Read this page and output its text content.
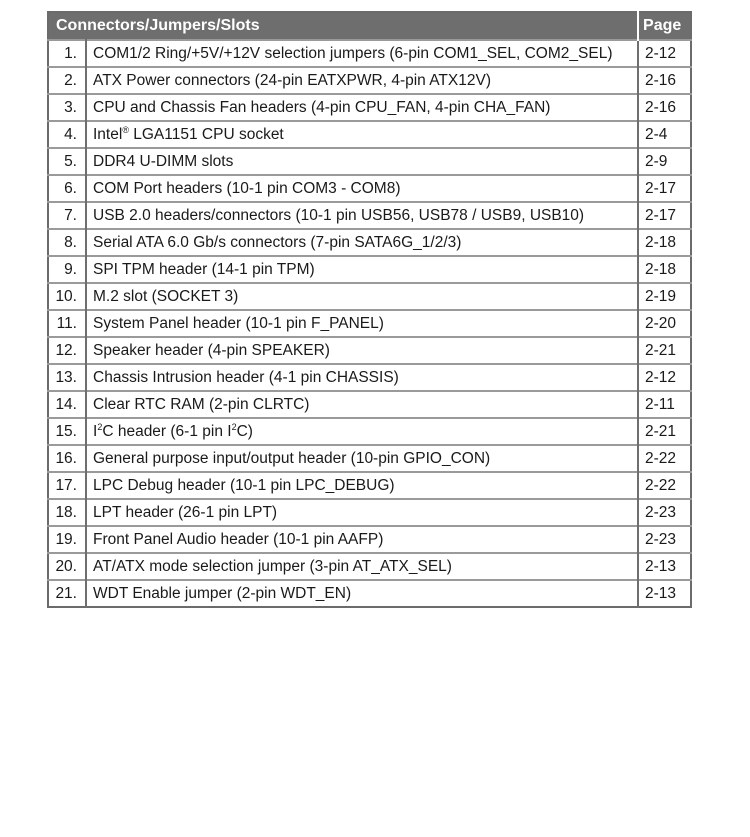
Connectors/Jumpers/Slots		Page
1.	COM1/2 Ring/+5V/+12V selection jumpers (6-pin COM1_SEL, COM2_SEL)	2-12
2.	ATX Power connectors (24-pin EATXPWR, 4-pin ATX12V)	2-16
3.	CPU and Chassis Fan headers (4-pin CPU_FAN, 4-pin CHA_FAN)	2-16
4.	Intel® LGA1151 CPU socket	2-4
5.	DDR4 U-DIMM slots	2-9
6.	COM Port headers (10-1 pin COM3 - COM8)	2-17
7.	USB 2.0 headers/connectors (10-1 pin USB56, USB78 / USB9, USB10)	2-17
8.	Serial ATA 6.0 Gb/s connectors (7-pin SATA6G_1/2/3)	2-18
9.	SPI TPM header (14-1 pin TPM)	2-18
10.	M.2 slot (SOCKET 3)	2-19
11.	System Panel header (10-1 pin F_PANEL)	2-20
12.	Speaker header (4-pin SPEAKER)	2-21
13.	Chassis Intrusion header (4-1 pin CHASSIS)	2-12
14.	Clear RTC RAM (2-pin CLRTC)	2-11
15.	$I^2C$ header (6-1 pin $I^2C$)	2-21
16.	General purpose input/output header (10-pin GPIO_CON)	2-22
17.	LPC Debug header (10-1 pin LPC_DEBUG)	2-22
18.	LPT header (26-1 pin LPT)	2-23
19.	Front Panel Audio header (10-1 pin AAFP)	2-23
20.	AT/ATX mode selection jumper (3-pin AT_ATX_SEL)	2-13
21.	WDT Enable jumper (2-pin WDT_EN)	2-13
